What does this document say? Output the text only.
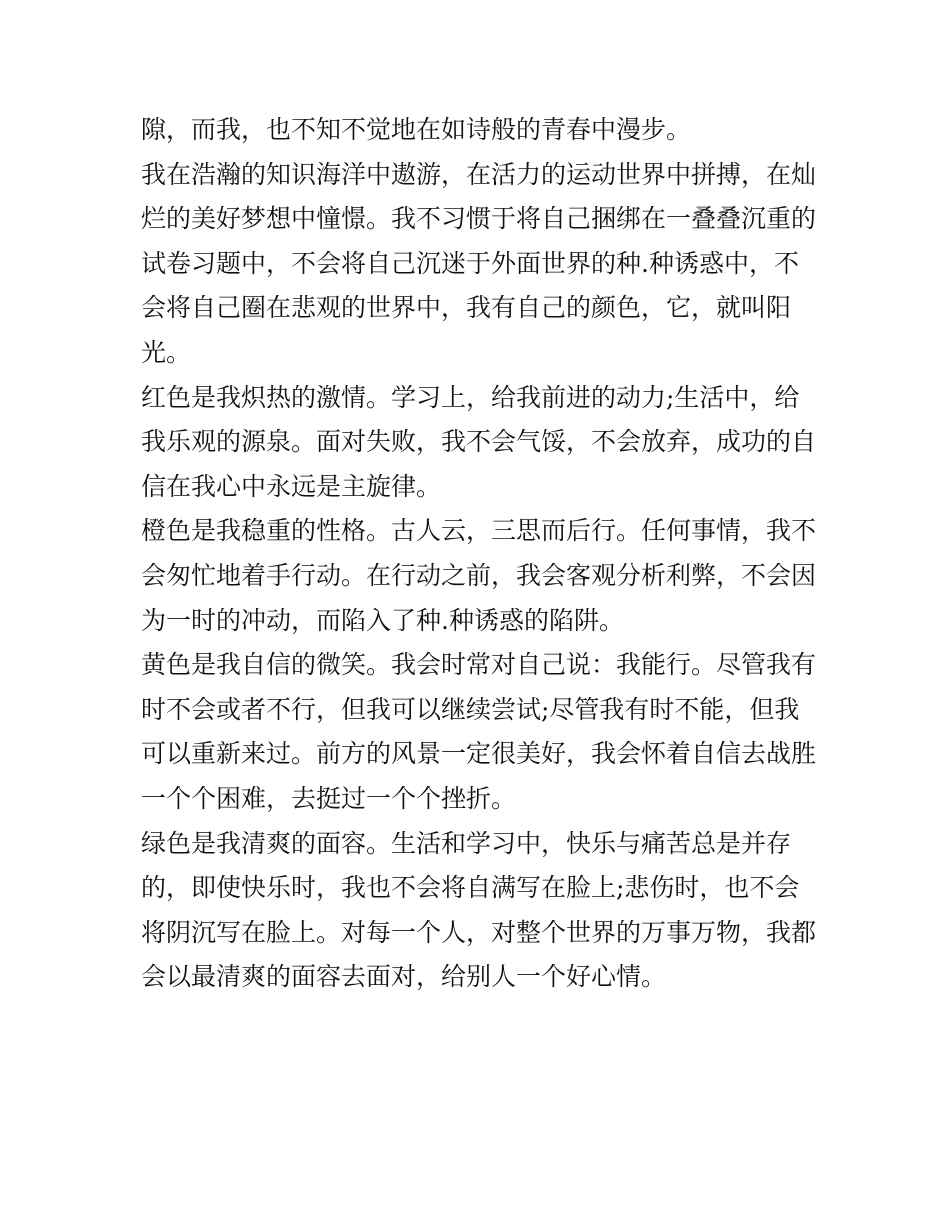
隙，而我，也不知不觉地在如诗般的青春中漫步。
我在浩瀚的知识海洋中遨游，在活力的运动世界中拼搏，在灿
烂的美好梦想中憧憬。我不习惯于将自己捆绑在一叠叠沉重的
试卷习题中，不会将自己沉迷于外面世界的种.种诱惑中，不
会将自己圈在悲观的世界中，我有自己的颜色，它，就叫阳
光。
红色是我炽热的激情。学习上，给我前进的动力;生活中，给
我乐观的源泉。面对失败，我不会气馁，不会放弃，成功的自
信在我心中永远是主旋律。
橙色是我稳重的性格。古人云，三思而后行。任何事情，我不
会匆忙地着手行动。在行动之前，我会客观分析利弊，不会因
为一时的冲动，而陷入了种.种诱惑的陷阱。
黄色是我自信的微笑。我会时常对自己说：我能行。尽管我有
时不会或者不行，但我可以继续尝试;尽管我有时不能，但我
可以重新来过。前方的风景一定很美好，我会怀着自信去战胜
一个个困难，去挺过一个个挫折。
绿色是我清爽的面容。生活和学习中，快乐与痛苦总是并存
的，即使快乐时，我也不会将自满写在脸上;悲伤时，也不会
将阴沉写在脸上。对每一个人，对整个世界的万事万物，我都
会以最清爽的面容去面对，给别人一个好心情。
